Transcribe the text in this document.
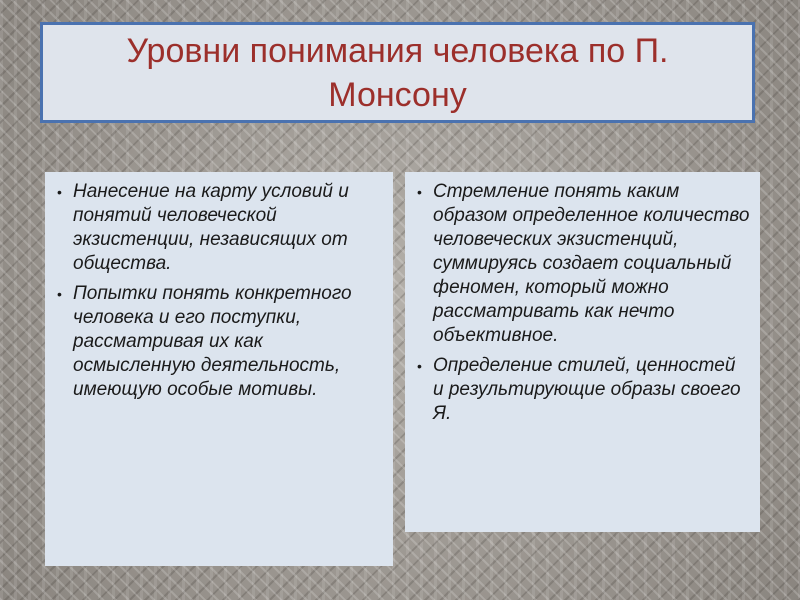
Уровни понимания человека по П. Монсону
• Нанесение на карту условий и понятий человеческой экзистенции, независящих от общества.
• Попытки понять конкретного человека и его поступки, рассматривая их как осмысленную деятельность, имеющую особые мотивы.
• Стремление понять каким образом определенное количество человеческих экзистенций, суммируясь создает социальный феномен, который можно рассматривать как нечто объективное.
• Определение стилей, ценностей и результирующие образы своего Я.
